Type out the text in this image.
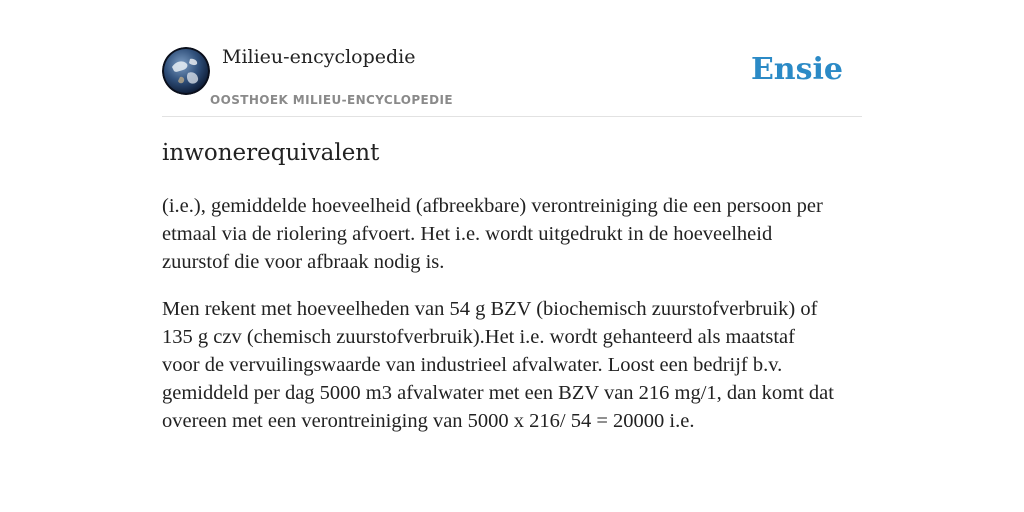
Milieu-encyclopedie
OOSTHOEK MILIEU-ENCYCLOPEDIE
Ensie
inwonerequivalent

(i.e.), gemiddelde hoeveelheid (afbreekbare) verontreiniging die een persoon per
etmaal via de riolering afvoert. Het i.e. wordt uitgedrukt in de hoeveelheid
zuurstof die voor afbraak nodig is.

Men rekent met hoeveelheden van 54 g BZV (biochemisch zuurstofverbruik) of
135 g czv (chemisch zuurstofverbruik).Het i.e. wordt gehanteerd als maatstaf
voor de vervuilingswaarde van industrieel afvalwater. Loost een bedrijf b.v.
gemiddeld per dag 5000 m3 afvalwater met een BZV van 216 mg/1, dan komt dat
overeen met een verontreiniging van 5000 x 216/ 54 = 20000 i.e.
